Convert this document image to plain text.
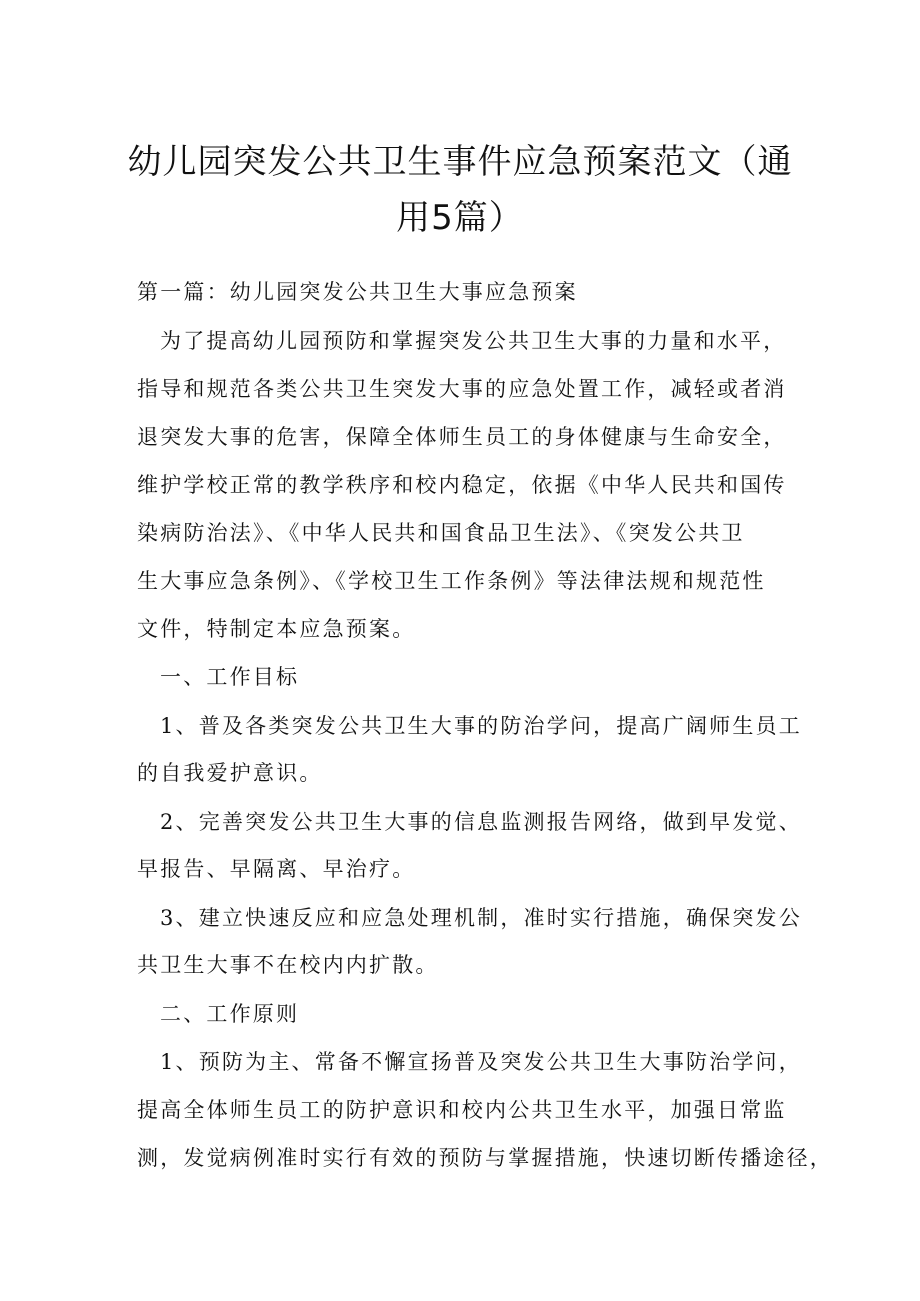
幼儿园突发公共卫生事件应急预案范文（通
用5篇）
第一篇：幼儿园突发公共卫生大事应急预案
为了提高幼儿园预防和掌握突发公共卫生大事的力量和水平，
指导和规范各类公共卫生突发大事的应急处置工作，减轻或者消
退突发大事的危害，保障全体师生员工的身体健康与生命安全，
维护学校正常的教学秩序和校内稳定，依据《中华人民共和国传
染病防治法》、《中华人民共和国食品卫生法》、《突发公共卫
生大事应急条例》、《学校卫生工作条例》等法律法规和规范性
文件，特制定本应急预案。
一、工作目标
1、普及各类突发公共卫生大事的防治学问，提高广阔师生员工
的自我爱护意识。
2、完善突发公共卫生大事的信息监测报告网络，做到早发觉、
早报告、早隔离、早治疗。
3、建立快速反应和应急处理机制，准时实行措施，确保突发公
共卫生大事不在校内内扩散。
二、工作原则
1、预防为主、常备不懈宣扬普及突发公共卫生大事防治学问，
提高全体师生员工的防护意识和校内公共卫生水平，加强日常监
测，发觉病例准时实行有效的预防与掌握措施，快速切断传播途径，
